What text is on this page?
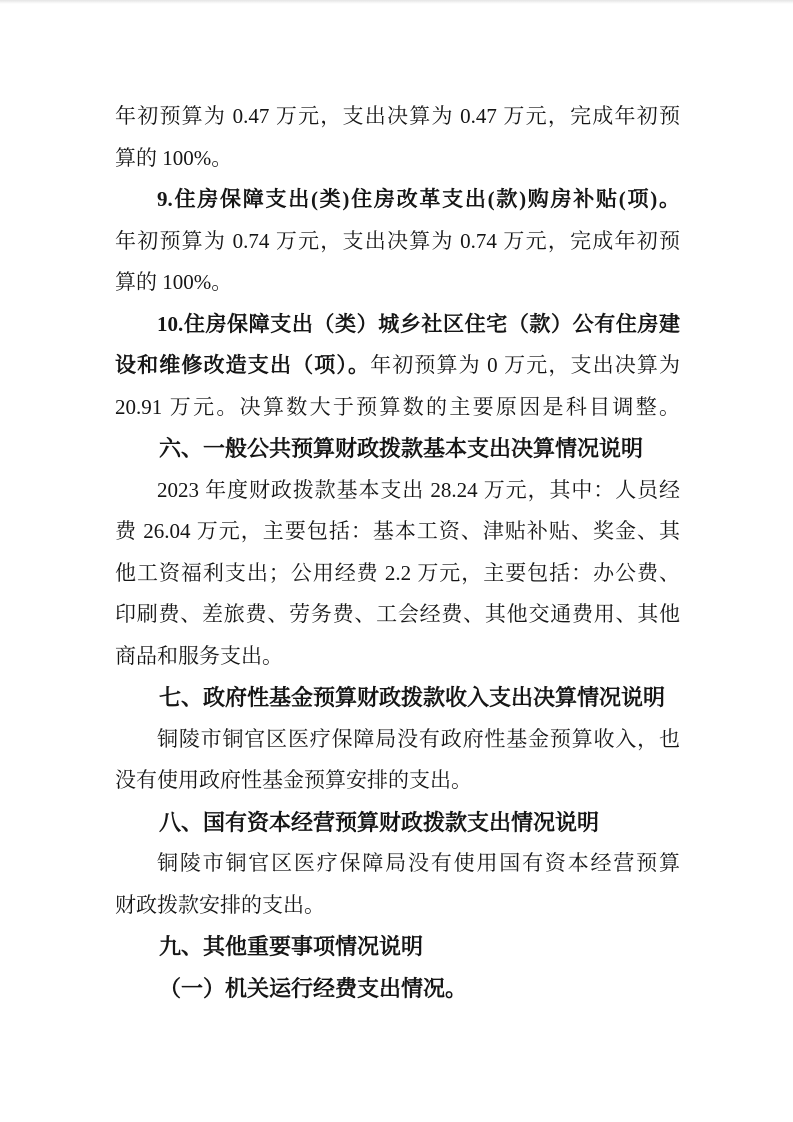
年初预算为 0.47 万元，支出决算为 0.47 万元，完成年初预
算的 100%。
9.住房保障支出(类)住房改革支出(款)购房补贴(项)。
年初预算为 0.74 万元，支出决算为 0.74 万元，完成年初预
算的 100%。
10.住房保障支出（类）城乡社区住宅（款）公有住房建
设和维修改造支出（项）。年初预算为 0 万元，支出决算为
20.91 万元。决算数大于预算数的主要原因是科目调整。
六、一般公共预算财政拨款基本支出决算情况说明
2023 年度财政拨款基本支出 28.24 万元，其中：人员经
费 26.04 万元，主要包括：基本工资、津贴补贴、奖金、其
他工资福利支出；公用经费 2.2 万元，主要包括：办公费、
印刷费、差旅费、劳务费、工会经费、其他交通费用、其他
商品和服务支出。
七、政府性基金预算财政拨款收入支出决算情况说明
铜陵市铜官区医疗保障局没有政府性基金预算收入，也
没有使用政府性基金预算安排的支出。
八、国有资本经营预算财政拨款支出情况说明
铜陵市铜官区医疗保障局没有使用国有资本经营预算
财政拨款安排的支出。
九、其他重要事项情况说明
（一）机关运行经费支出情况。
